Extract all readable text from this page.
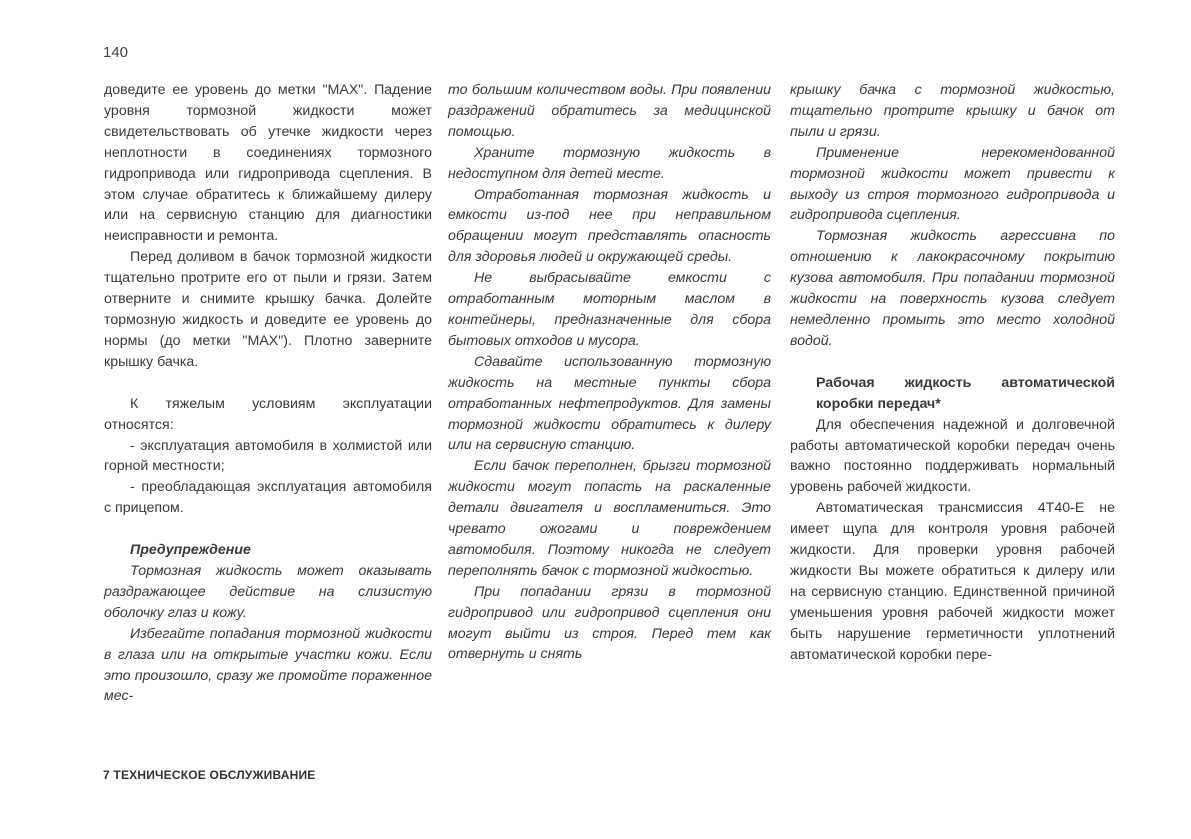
140

доведите ее уровень до метки "MAX". Падение уровня тормозной жидкости может свидетельствовать об утечке жидкости через неплотности в соединениях тормозного гидропривода или гидропривода сцепления. В этом случае обратитесь к ближайшему дилеру или на сервисную станцию для диагностики неисправности и ремонта.

Перед доливом в бачок тормозной жидкости тщательно протрите его от пыли и грязи. Затем отверните и снимите крышку бачка. Долейте тормозную жидкость и доведите ее уровень до нормы (до метки "MAX"). Плотно заверните крышку бачка.

К тяжелым условиям эксплуатации относятся:

- эксплуатация автомобиля в холмистой или горной местности;

- преобладающая эксплуатация автомобиля с прицепом.

Предупреждение

Тормозная жидкость может оказывать раздражающее действие на слизистую оболочку глаз и кожу.

Избегайте попадания тормозной жидкости в глаза или на открытые участки кожи. Если это произошло, сразу же промойте пораженное мес-

то большим количеством воды. При появлении раздражений обратитесь за медицинской помощью.

Храните тормозную жидкость в недоступном для детей месте.

Отработанная тормозная жидкость и емкости из-под нее при неправильном обращении могут представлять опасность для здоровья людей и окружающей среды.

Не выбрасывайте емкости с отработанным моторным маслом в контейнеры, предназначенные для сбора бытовых отходов и мусора.

Сдавайте использованную тормозную жидкость на местные пункты сбора отработанных нефтепродуктов. Для замены тормозной жидкости обратитесь к дилеру или на сервисную станцию.

Если бачок переполнен, брызги тормозной жидкости могут попасть на раскаленные детали двигателя и воспламениться. Это чревато ожогами и повреждением автомобиля. Поэтому никогда не следует переполнять бачок с тормозной жидкостью.

При попадании грязи в тормозной гидропривод или гидропривод сцепления они могут выйти из строя. Перед тем как отвернуть и снять

крышку бачка с тормозной жидкостью, тщательно протрите крышку и бачок от пыли и грязи.

Применение нерекомендованной тормозной жидкости может привести к выходу из строя тормозного гидропривода и гидропривода сцепления.

Тормозная жидкость агрессивна по отношению к лакокрасочному покрытию кузова автомобиля. При попадании тормозной жидкости на поверхность кузова следует немедленно промыть это место холодной водой.

Рабочая жидкость автоматической коробки передач*

Для обеспечения надежной и долговечной работы автоматической коробки передач очень важно постоянно поддерживать нормальный уровень рабочей жидкости.

Автоматическая трансмиссия 4Т40-Е не имеет щупа для контроля уровня рабочей жидкости. Для проверки уровня рабочей жидкости Вы можете обратиться к дилеру или на сервисную станцию. Единственной причиной уменьшения уровня рабочей жидкости может быть нарушение герметичности уплотнений автоматической коробки пере-

7 ТЕХНИЧЕСКОЕ ОБСЛУЖИВАНИЕ
